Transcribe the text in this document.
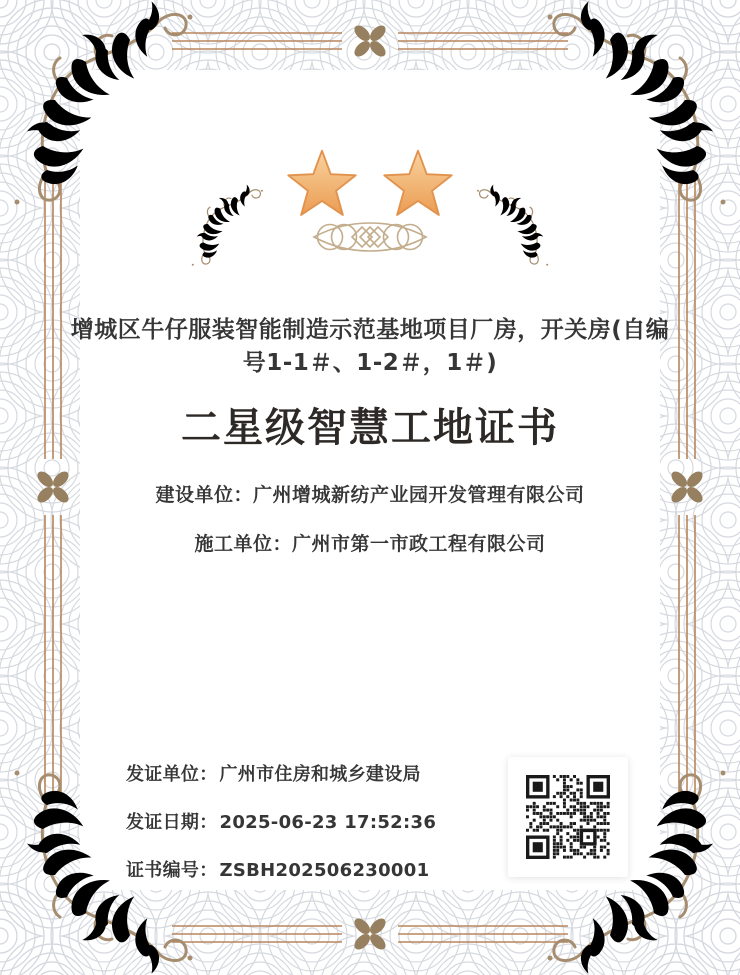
增城区牛仔服装智能制造示范基地项目厂房，开关房(自编号1-1＃、1-2＃，1＃)
二星级智慧工地证书
建设单位：广州增城新纺产业园开发管理有限公司
施工单位：广州市第一市政工程有限公司
发证单位： 广州市住房和城乡建设局
发证日期： 2025-06-23 17:52:36
证书编号： ZSBH202506230001
